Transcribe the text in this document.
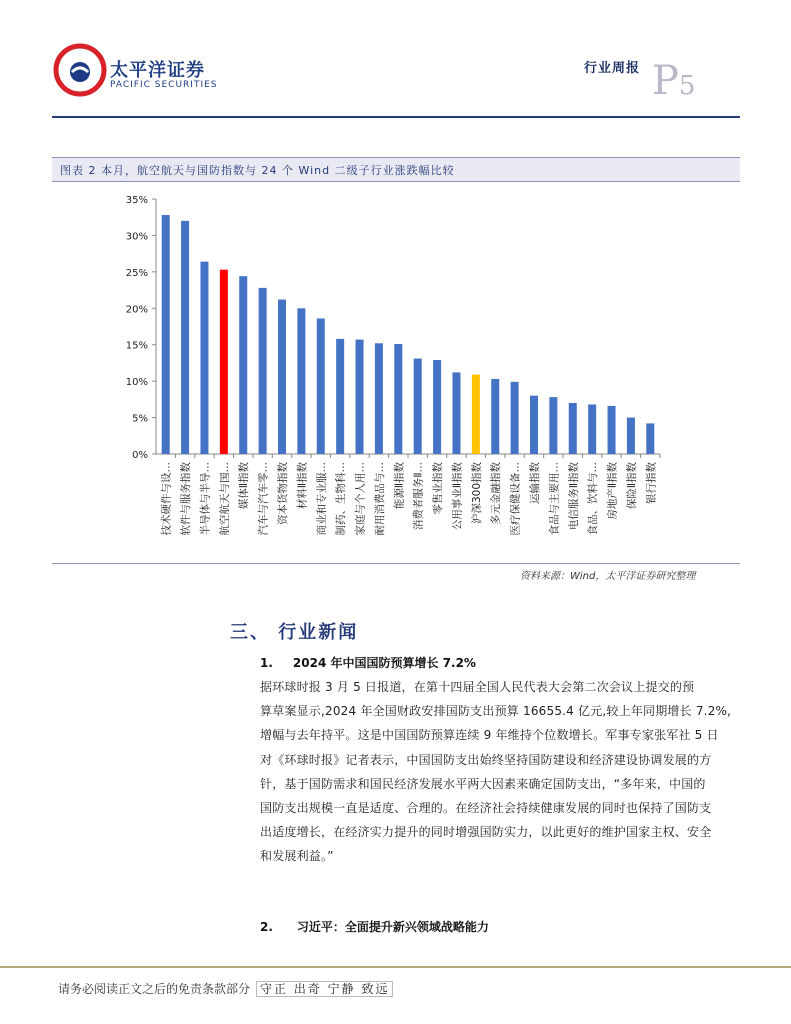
太平洋证券
PACIFIC SECURITIES
行业周报 P5
图表 2 本月，航空航天与国防指数与 24 个 Wind 二级子行业涨跌幅比较
0%
5%
10%
15%
20%
25%
30%
35%
技术硬件与设… 软件与服务指数 半导体与半导… 航空航天与国… 媒体Ⅱ指数 汽车与汽车零… 资本货物指数 材料Ⅱ指数 商业和专业服… 制药、生物科… 家庭与个人用… 耐用消费品与… 能源Ⅱ指数 消费者服务Ⅱ… 零售业指数 公用事业Ⅱ指数 沪深300指数 多元金融指数 医疗保健设备… 运输指数 食品与主要用… 电信服务Ⅱ指数 食品、饮料与… 房地产Ⅱ指数 保险Ⅱ指数 银行指数
资料来源：Wind，太平洋证券研究整理
三、 行业新闻
1. 2024 年中国国防预算增长 7.2%
据环球时报 3 月 5 日报道，在第十四届全国人民代表大会第二次会议上提交的预
算草案显示,2024 年全国财政安排国防支出预算 16655.4 亿元,较上年同期增长 7.2%,
增幅与去年持平。这是中国国防预算连续 9 年维持个位数增长。军事专家张军社 5 日
对《环球时报》记者表示，中国国防支出始终坚持国防建设和经济建设协调发展的方
针，基于国防需求和国民经济发展水平两大因素来确定国防支出，“多年来，中国的
国防支出规模一直是适度、合理的。在经济社会持续健康发展的同时也保持了国防支
出适度增长，在经济实力提升的同时增强国防实力，以此更好的维护国家主权、安全
和发展利益。”
2. 习近平：全面提升新兴领域战略能力
请务必阅读正文之后的免责条款部分 守正 出奇 宁静 致远
